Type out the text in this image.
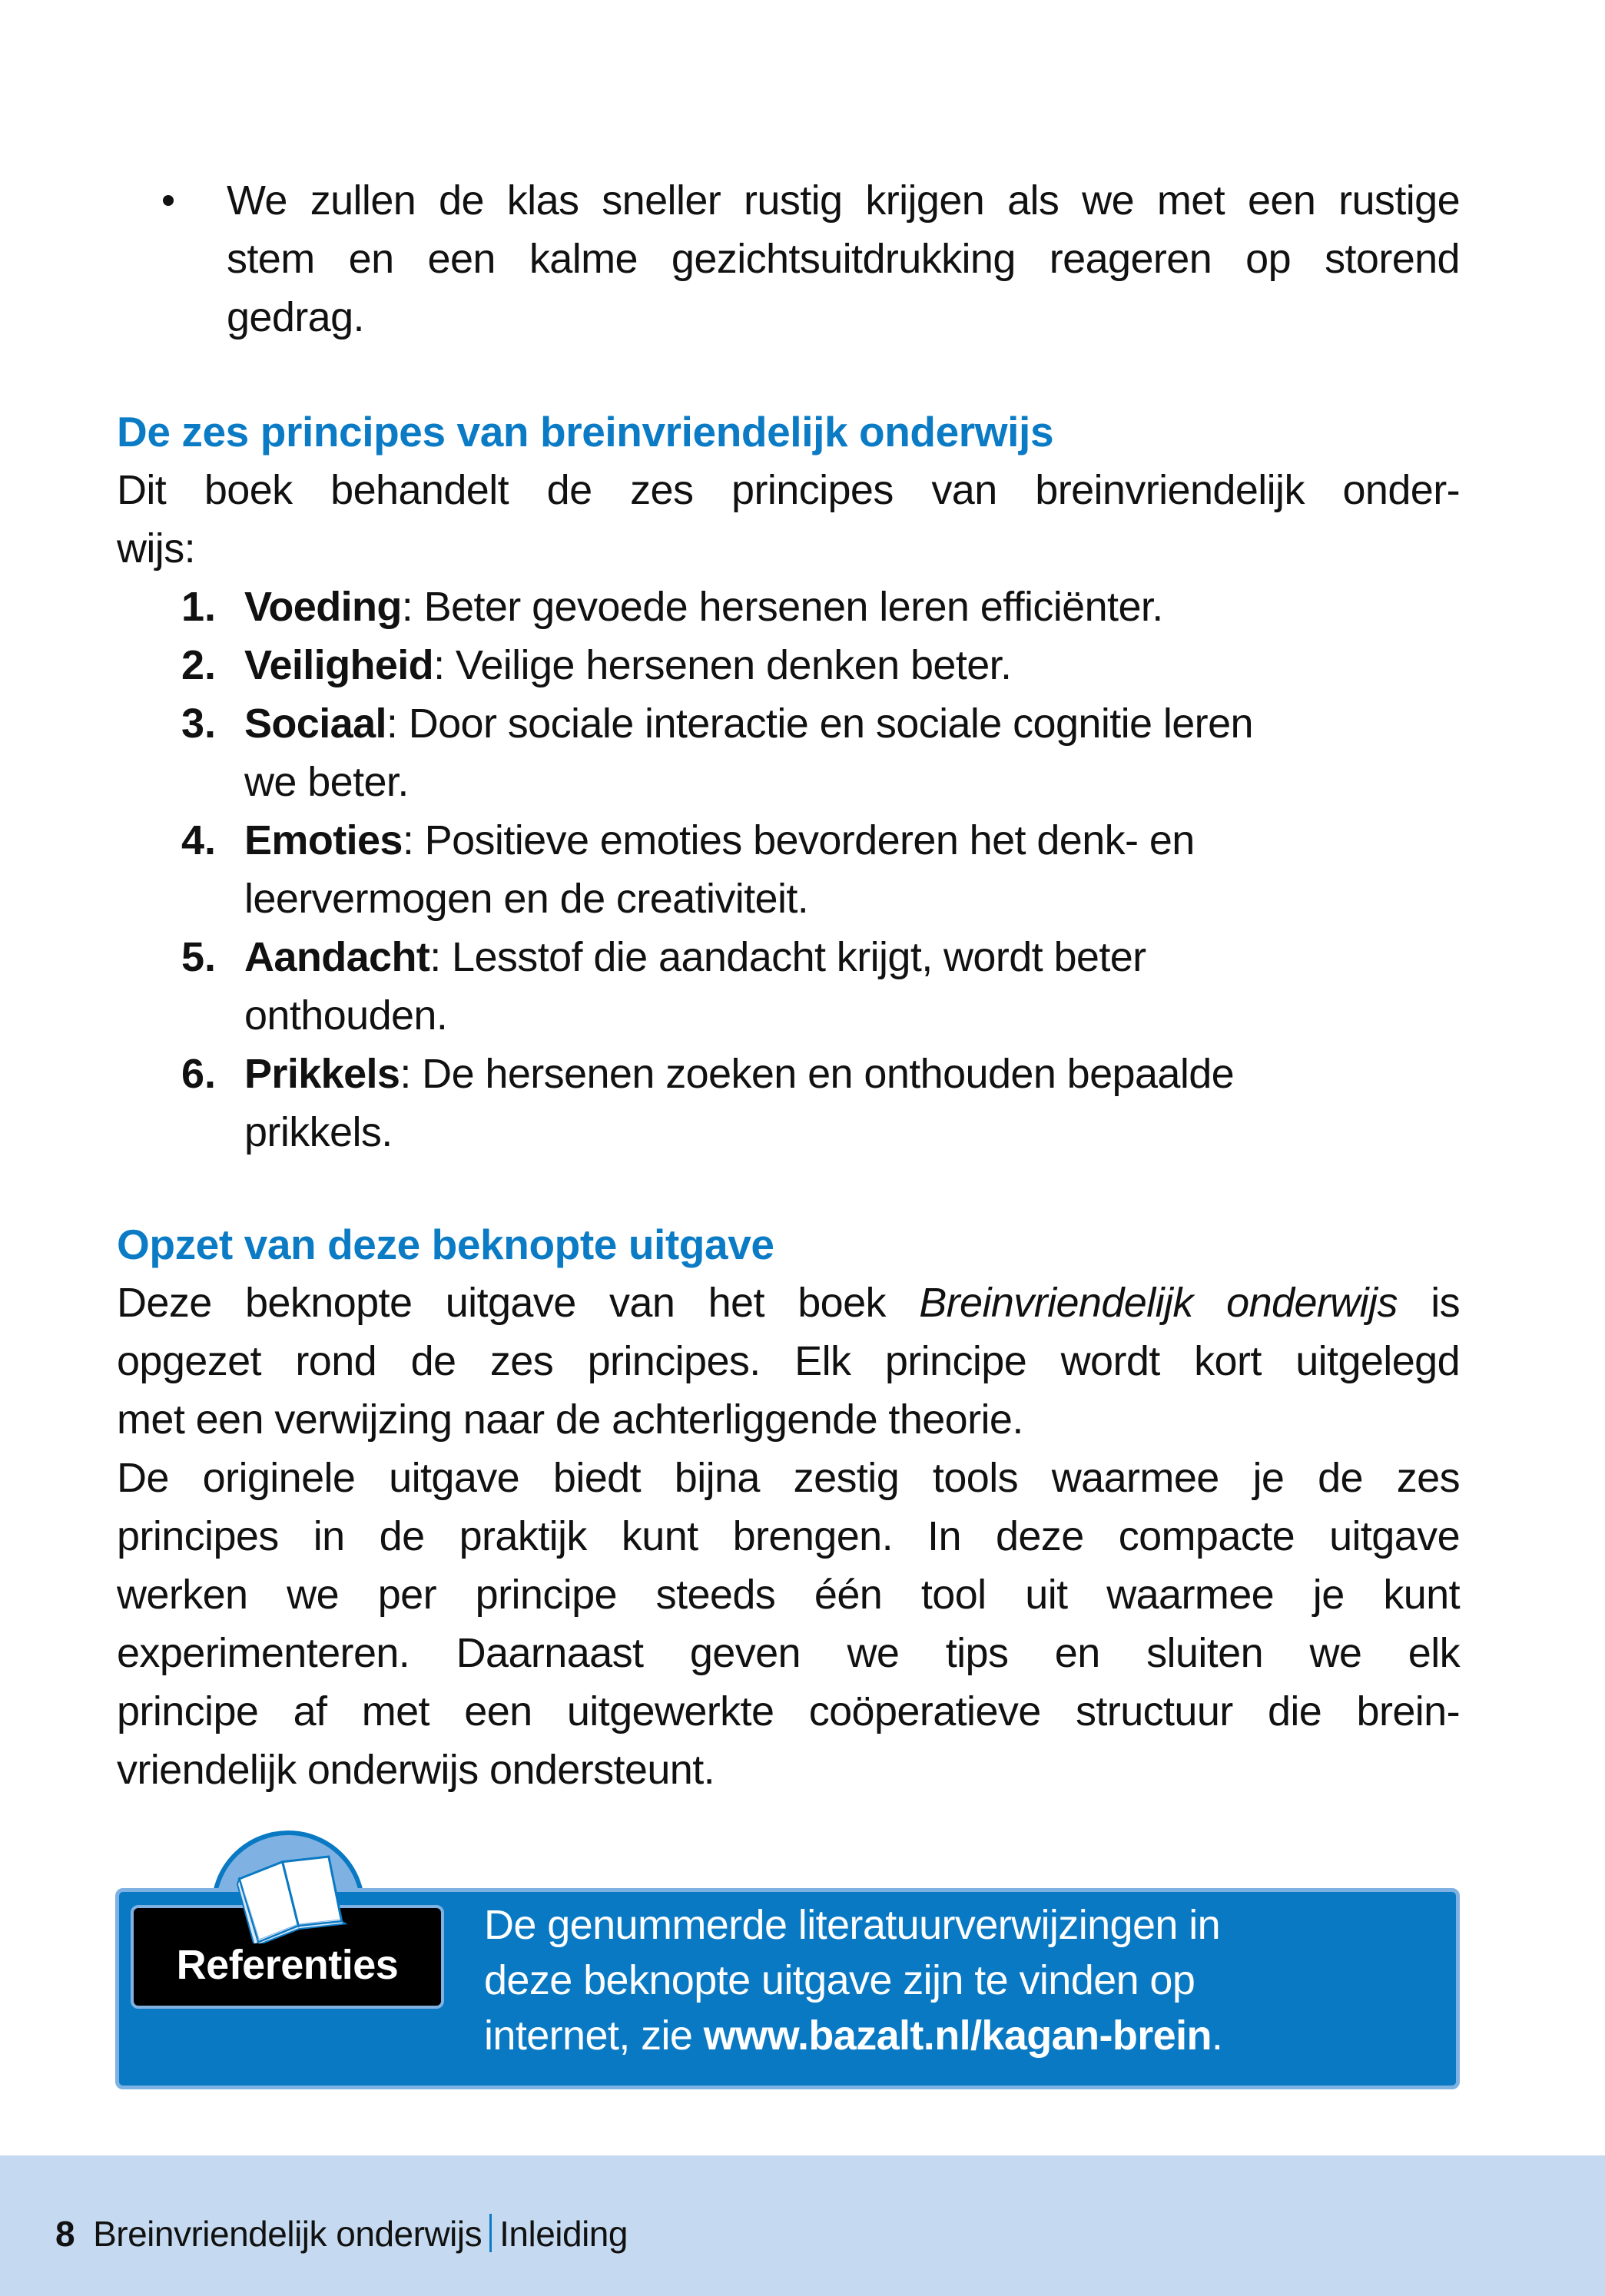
We zullen de klas sneller rustig krijgen als we met een rustige
stem en een kalme gezichtsuitdrukking reageren op storend
gedrag.
De zes principes van breinvriendelijk onderwijs
Dit boek behandelt de zes principes van breinvriendelijk onder-
wijs:
1. Voeding: Beter gevoede hersenen leren efficiënter.
2. Veiligheid: Veilige hersenen denken beter.
3. Sociaal: Door sociale interactie en sociale cognitie leren
we beter.
4. Emoties: Positieve emoties bevorderen het denk- en
leervermogen en de creativiteit.
5. Aandacht: Lesstof die aandacht krijgt, wordt beter
onthouden.
6. Prikkels: De hersenen zoeken en onthouden bepaalde
prikkels.
Opzet van deze beknopte uitgave
Deze beknopte uitgave van het boek Breinvriendelijk onderwijs is
opgezet rond de zes principes. Elk principe wordt kort uitgelegd
met een verwijzing naar de achterliggende theorie.
De originele uitgave biedt bijna zestig tools waarmee je de zes
principes in de praktijk kunt brengen. In deze compacte uitgave
werken we per principe steeds één tool uit waarmee je kunt
experimenteren. Daarnaast geven we tips en sluiten we elk
principe af met een uitgewerkte coöperatieve structuur die brein-
vriendelijk onderwijs ondersteunt.
Referenties
De genummerde literatuurverwijzingen in
deze beknopte uitgave zijn te vinden op
internet, zie www.bazalt.nl/kagan-brein.
8 Breinvriendelijk onderwijs Inleiding
